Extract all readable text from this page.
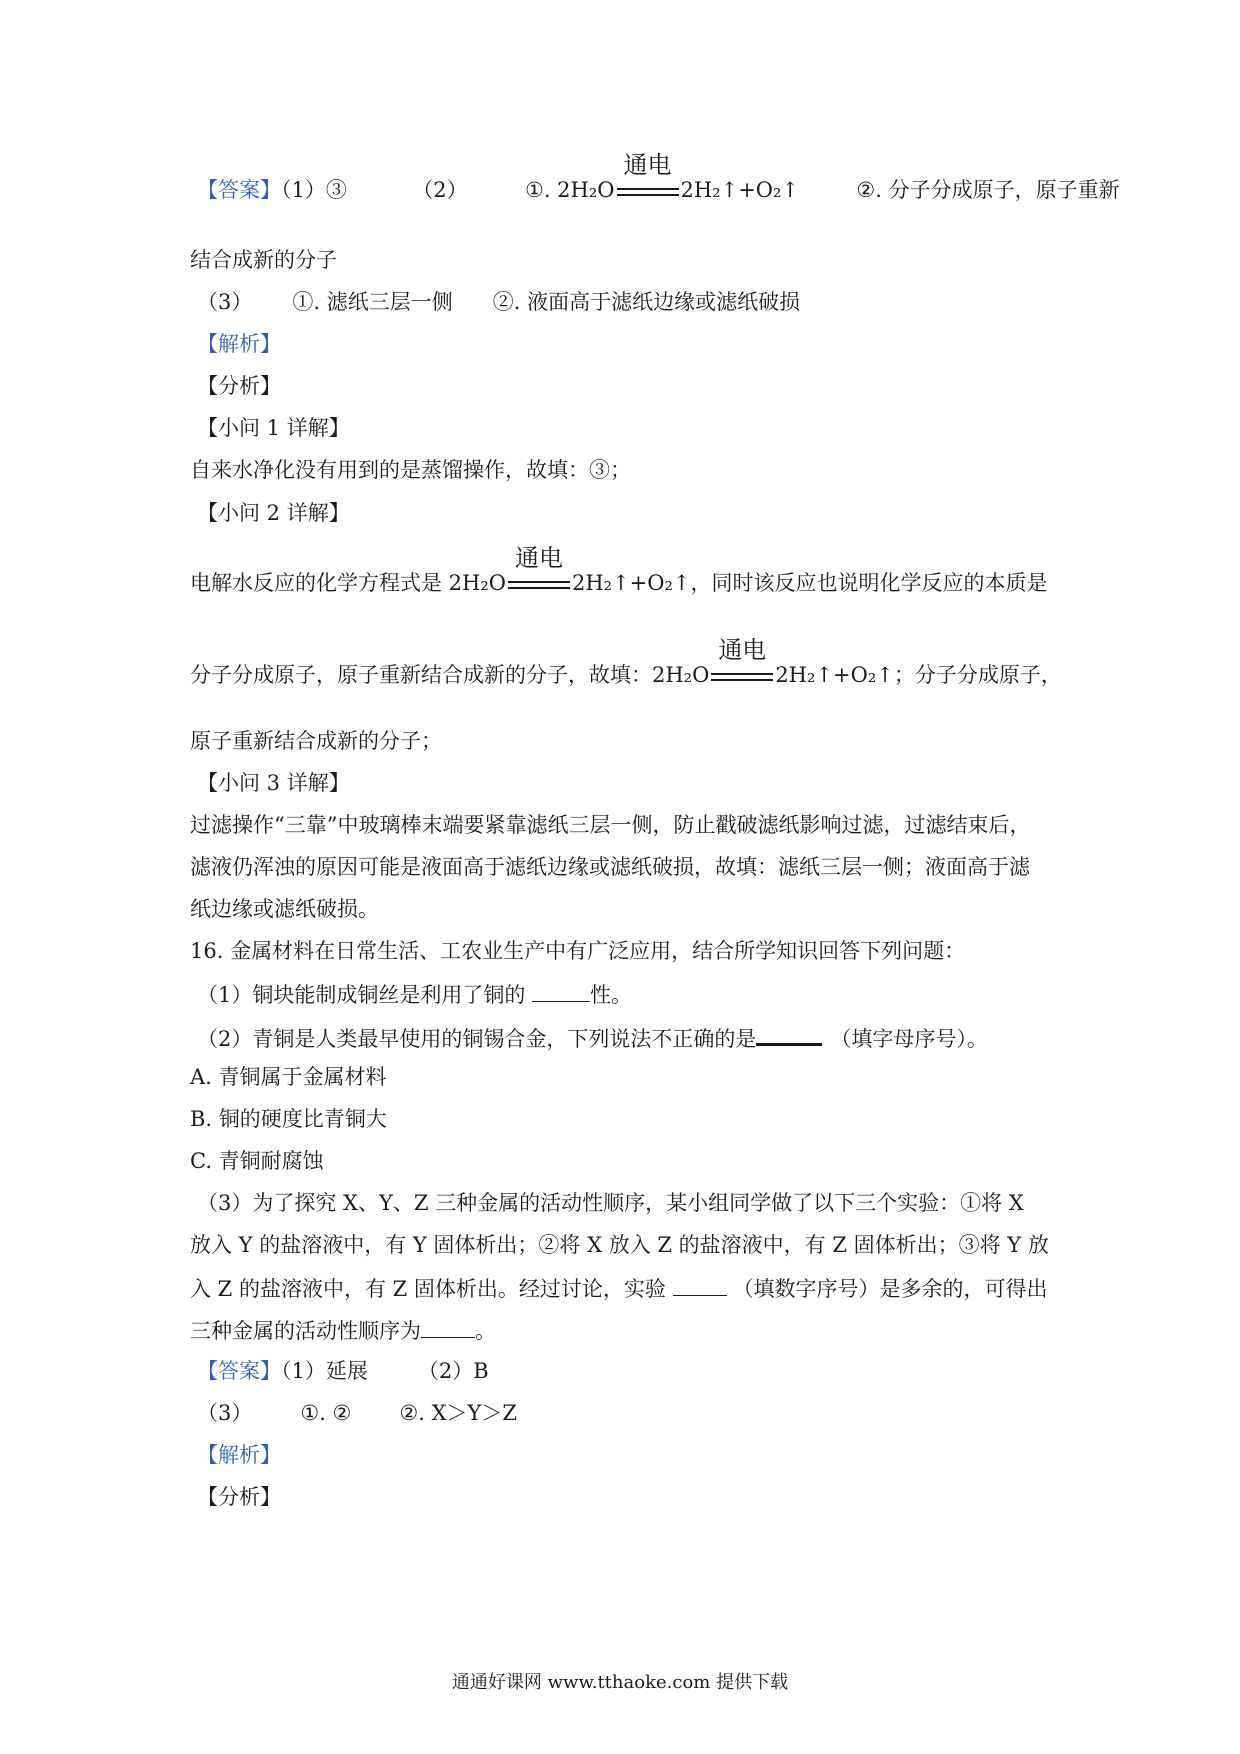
【答案】（1）③	（2）	①. 2H₂O
通电
2H₂↑+O₂↑	②. 分子分成原子，原子重新
结合成新的分子
（3） ①. 滤纸三层一侧 ②. 液面高于滤纸边缘或滤纸破损
【解析】
【分析】
【小问 1 详解】
自来水净化没有用到的是蒸馏操作，故填：③；
【小问 2 详解】
电解水反应的化学方程式是 2H₂O
通电
2H₂↑+O₂↑，同时该反应也说明化学反应的本质是
分子分成原子，原子重新结合成新的分子，故填：2H₂O
通电
2H₂↑+O₂↑；分子分成原子，
原子重新结合成新的分子；
【小问 3 详解】
过滤操作“三靠”中玻璃棒末端要紧靠滤纸三层一侧，防止戳破滤纸影响过滤，过滤结束后，
滤液仍浑浊的原因可能是液面高于滤纸边缘或滤纸破损，故填：滤纸三层一侧；液面高于滤
纸边缘或滤纸破损。
16. 金属材料在日常生活、工农业生产中有广泛应用，结合所学知识回答下列问题：
（1）铜块能制成铜丝是利用了铜的	性。
（2）青铜是人类最早使用的铜锡合金，下列说法不正确的是	（填字母序号）。
A. 青铜属于金属材料
B. 铜的硬度比青铜大
C. 青铜耐腐蚀
（3）为了探究 X、Y、Z 三种金属的活动性顺序，某小组同学做了以下三个实验：①将 X
放入 Y 的盐溶液中，有 Y 固体析出；②将 X 放入 Z 的盐溶液中，有 Z 固体析出；③将 Y 放
入 Z 的盐溶液中，有 Z 固体析出。经过讨论，实验	（填数字序号）是多余的，可得出
三种金属的活动性顺序为	。
【答案】（1）延展 （2）B
（3） ①. ② ②. X＞Y＞Z
【解析】
【分析】
通通好课网 www.tthaoke.com 提供下载
